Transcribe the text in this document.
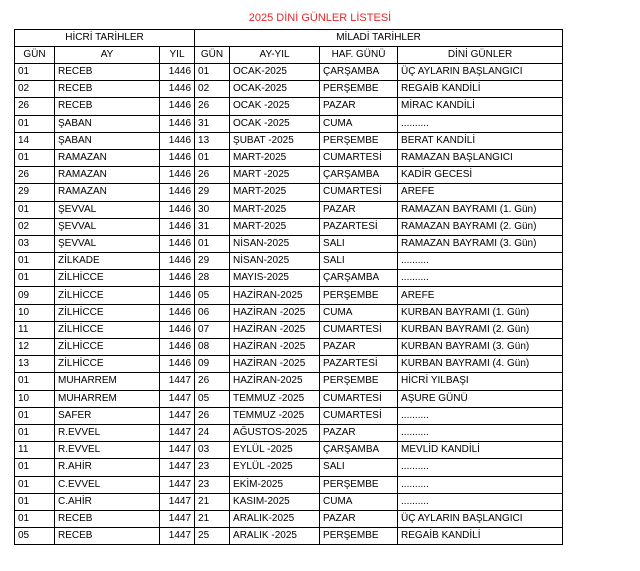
2025 DİNİ GÜNLER LİSTESİ
HİCRİ TARİHLER			MİLADİ TARİHLER			
GÜN	AY	YIL	GÜN	AY-YIL	HAF. GÜNÜ	DİNİ GÜNLER
01	RECEB	1446	01	OCAK-2025	ÇARŞAMBA	ÜÇ AYLARIN BAŞLANGICI
02	RECEB	1446	02	OCAK-2025	PERŞEMBE	REGAİB KANDİLİ
26	RECEB	1446	26	OCAK -2025	PAZAR	MİRAC KANDİLİ
01	ŞABAN	1446	31	OCAK -2025	CUMA	..........
14	ŞABAN	1446	13	ŞUBAT -2025	PERŞEMBE	BERAT KANDİLİ
01	RAMAZAN	1446	01	MART-2025	CUMARTESİ	RAMAZAN BAŞLANGICI
26	RAMAZAN	1446	26	MART -2025	ÇARŞAMBA	KADİR GECESİ
29	RAMAZAN	1446	29	MART-2025	CUMARTESİ	AREFE
01	ŞEVVAL	1446	30	MART-2025	PAZAR	RAMAZAN BAYRAMI (1. Gün)
02	ŞEVVAL	1446	31	MART-2025	PAZARTESİ	RAMAZAN BAYRAMI (2. Gün)
03	ŞEVVAL	1446	01	NİSAN-2025	SALI	RAMAZAN BAYRAMI (3. Gün)
01	ZİLKADE	1446	29	NİSAN-2025	SALI	..........
01	ZİLHİCCE	1446	28	MAYIS-2025	ÇARŞAMBA	..........
09	ZİLHİCCE	1446	05	HAZİRAN-2025	PERŞEMBE	AREFE
10	ZİLHİCCE	1446	06	HAZİRAN -2025	CUMA	KURBAN BAYRAMI (1. Gün)
11	ZİLHİCCE	1446	07	HAZİRAN -2025	CUMARTESİ	KURBAN BAYRAMI (2. Gün)
12	ZİLHİCCE	1446	08	HAZİRAN -2025	PAZAR	KURBAN BAYRAMI (3. Gün)
13	ZİLHİCCE	1446	09	HAZİRAN -2025	PAZARTESİ	KURBAN BAYRAMI (4. Gün)
01	MUHARREM	1447	26	HAZİRAN-2025	PERŞEMBE	HİCRİ YILBAŞI
10	MUHARREM	1447	05	TEMMUZ -2025	CUMARTESİ	AŞURE GÜNÜ
01	SAFER	1447	26	TEMMUZ -2025	CUMARTESİ	..........
01	R.EVVEL	1447	24	AĞUSTOS-2025	PAZAR	..........
11	R.EVVEL	1447	03	EYLÜL -2025	ÇARŞAMBA	MEVLİD KANDİLİ
01	R.AHİR	1447	23	EYLÜL -2025	SALI	..........
01	C.EVVEL	1447	23	EKİM-2025	PERŞEMBE	..........
01	C.AHİR	1447	21	KASIM-2025	CUMA	..........
01	RECEB	1447	21	ARALIK-2025	PAZAR	ÜÇ AYLARIN BAŞLANGICI
05	RECEB	1447	25	ARALIK -2025	PERŞEMBE	REGAİB KANDİLİ
